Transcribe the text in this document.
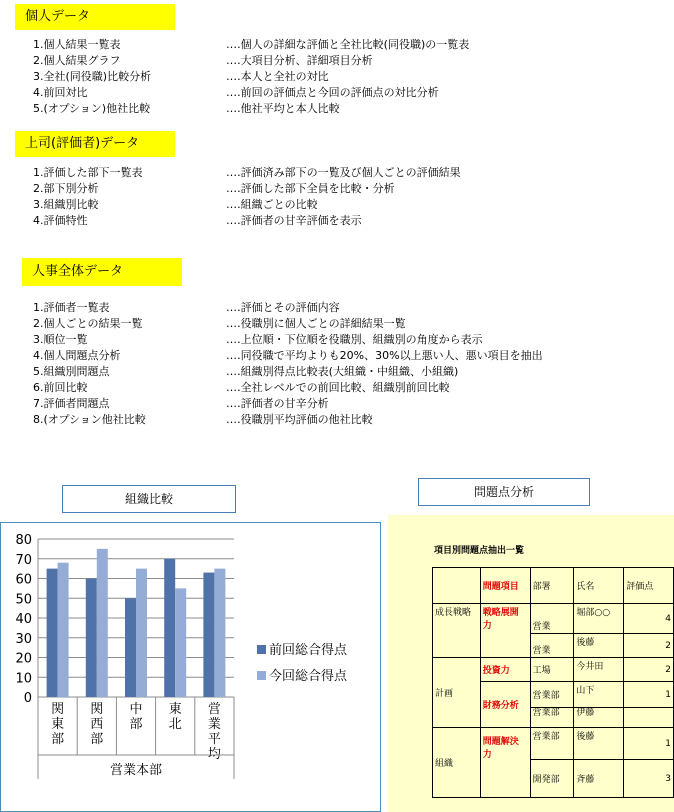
個人データ
1.個人結果一覧表	‥‥個人の詳細な評価と全社比較(同役職)の一覧表
2.個人結果グラフ	‥‥大項目分析、詳細項目分析
3.全社(同役職)比較分析	‥‥本人と全社の対比
4.前回対比	‥‥前回の評価点と今回の評価点の対比分析
5.(オプション)他社比較	‥‥他社平均と本人比較
上司(評価者)データ
1.評価した部下一覧表	‥‥評価済み部下の一覧及び個人ごとの評価結果
2.部下別分析	‥‥評価した部下全員を比較・分析
3.組織別比較	‥‥組織ごとの比較
4.評価特性	‥‥評価者の甘辛評価を表示
人事全体データ
1.評価者一覧表	‥‥評価とその評価内容
2.個人ごとの結果一覧	‥‥役職別に個人ごとの詳細結果一覧
3.順位一覧	‥‥上位順・下位順を役職別、組織別の角度から表示
4.個人問題点分析	‥‥同役職で平均よりも20%、30%以上悪い人、悪い項目を抽出
5.組織別問題点	‥‥組織別得点比較表(大組織・中組織、小組織)
6.前回比較	‥‥全社レベルでの前回比較、組織別前回比較
7.評価者問題点	‥‥評価者の甘辛分析
8.(オプション他社比較	‥‥役職別平均評価の他社比較
組織比較	問題点分析
0
10
20
30
40
50
60
70
80
関
東
部
関
西
部
中
部
東
北
営
業
平
均
営業本部
前回総合得点
今回総合得点
項目別問題点抽出一覧
	問題項目	部署	氏名	評価点
成長戦略	戦略展開力	営業	堀部○○	4
		営業	後藤	2
計画	投資力	工場	今井田	2
	財務分析	営業部	山下	1
		営業部	伊藤	
組織	問題解決力	営業部	後藤	1
		開発部	斉藤	3
